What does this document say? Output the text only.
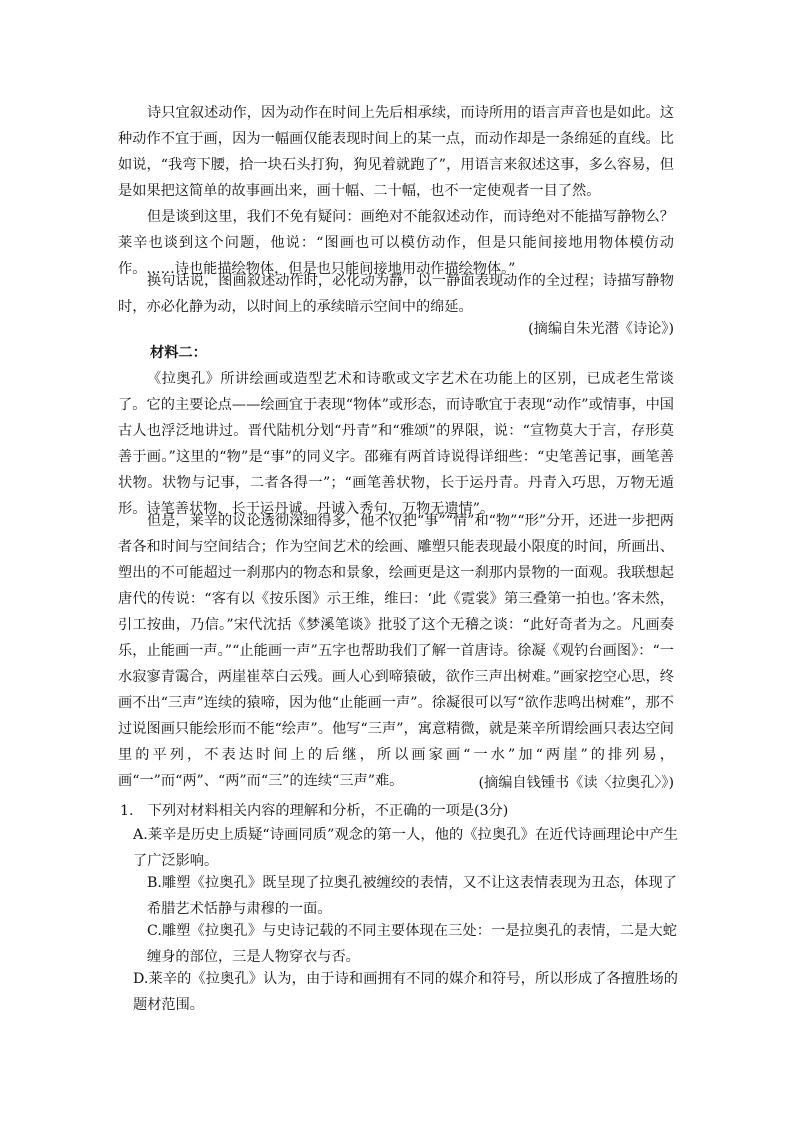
诗只宜叙述动作，因为动作在时间上先后相承续，而诗所用的语言声音也是如此。这种动作不宜于画，因为一幅画仅能表现时间上的某一点，而动作却是一条绵延的直线。比如说，“我弯下腰，拾一块石头打狗，狗见着就跑了”，用语言来叙述这事，多么容易，但是如果把这简单的故事画出来，画十幅、二十幅，也不一定使观者一目了然。

但是谈到这里，我们不免有疑问：画绝对不能叙述动作，而诗绝对不能描写静物么？莱辛也谈到这个问题，他说：“图画也可以模仿动作，但是只能间接地用物体模仿动作。……诗也能描绘物体，但是也只能间接地用动作描绘物体。”

换句话说，图画叙述动作时，必化动为静，以一静面表现动作的全过程；诗描写静物时，亦必化静为动，以时间上的承续暗示空间中的绵延。

(摘编自朱光潜《诗论》)

材料二：

《拉奥孔》所讲绘画或造型艺术和诗歌或文字艺术在功能上的区别，已成老生常谈了。它的主要论点——绘画宜于表现“物体”或形态，而诗歌宜于表现“动作”或情事，中国古人也浮泛地讲过。晋代陆机分划“丹青”和“雅颂”的界限，说：“宣物莫大于言，存形莫善于画。”这里的“物”是“事”的同义字。邵雍有两首诗说得详细些：“史笔善记事，画笔善状物。状物与记事，二者各得一”；“画笔善状物，长于运丹青。丹青入巧思，万物无遁形。诗笔善状物，长于运丹诚。丹诚入秀句，万物无遗情”。

但是，莱辛的议论透彻深细得多，他不仅把“事”“情”和“物”“形”分开，还进一步把两者各和时间与空间结合；作为空间艺术的绘画、雕塑只能表现最小限度的时间，所画出、塑出的不可能超过一刹那内的物态和景象，绘画更是这一刹那内景物的一面观。我联想起唐代的传说：“客有以《按乐图》示王维，维曰：‘此《霓裳》第三叠第一拍也。’客未然，引工按曲，乃信。”宋代沈括《梦溪笔谈》批驳了这个无稽之谈：“此好奇者为之。凡画奏乐，止能画一声。”“止能画一声”五字也帮助我们了解一首唐诗。徐凝《观钓台画图》：“一水寂寥青霭合，两崖崔萃白云残。画人心到啼猿破，欲作三声出树难。”画家挖空心思，终画不出“三声”连续的猿啼，因为他“止能画一声”。徐凝很可以写“欲作悲鸣出树难”，那不过说图画只能绘形而不能“绘声”。他写“三声”，寓意精微，就是莱辛所谓绘画只表达空间里的平列，不表达时间上的后继，所以画家画“一水”加“两崖”的排列易，画“一”而“两”、“两”而“三”的连续“三声”难。	(摘编自钱锺书《读〈拉奥孔〉》)

1.　下列对材料相关内容的理解和分析，不正确的一项是(3分)

A.莱辛是历史上质疑“诗画同质”观念的第一人，他的《拉奥孔》在近代诗画理论中产生了广泛影响。

B.雕塑《拉奥孔》既呈现了拉奥孔被缠绞的表情，又不让这表情表现为丑态，体现了希腊艺术恬静与肃穆的一面。

C.雕塑《拉奥孔》与史诗记载的不同主要体现在三处：一是拉奥孔的表情，二是大蛇缠身的部位，三是人物穿衣与否。

D.莱辛的《拉奥孔》认为，由于诗和画拥有不同的媒介和符号，所以形成了各擅胜场的题材范围。
